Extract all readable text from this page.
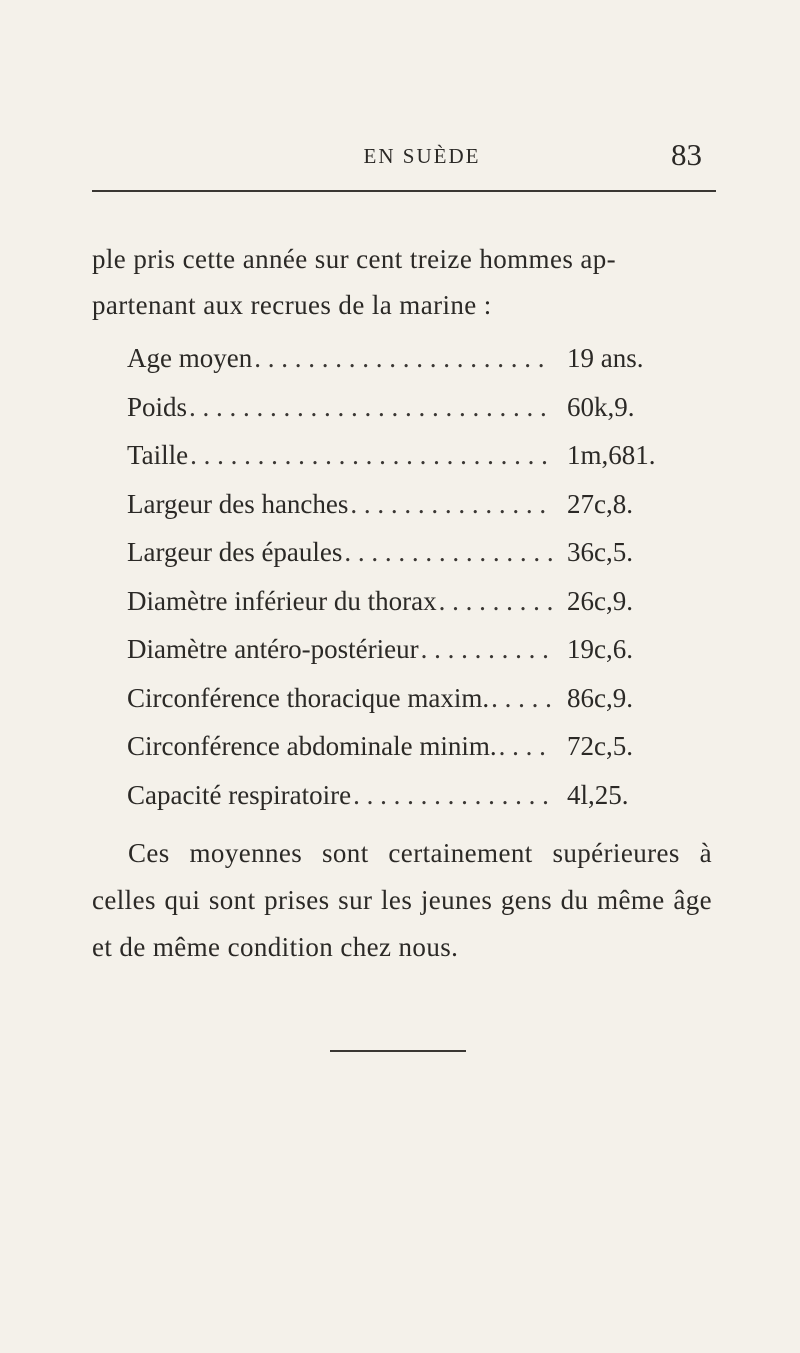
EN SUÈDE	83

ple pris cette année sur cent treize hommes ap-
partenant aux recrues de la marine :

Age moyen . . .	19 ans.
Poids . . .	60k,9.
Taille . . .	1m,681.
Largeur des hanches . . .	27c,8.
Largeur des épaules . . .	36c,5.
Diamètre inférieur du thorax . . .	26c,9.
Diamètre antéro-postérieur . . .	19c,6.
Circonférence thoracique maxim. . . .	86c,9.
Circonférence abdominale minim. . . .	72c,5.
Capacité respiratoire . . .	4l,25.

Ces moyennes sont certainement supérieures à celles qui sont prises sur les jeunes gens du même âge et de même condition chez nous.
